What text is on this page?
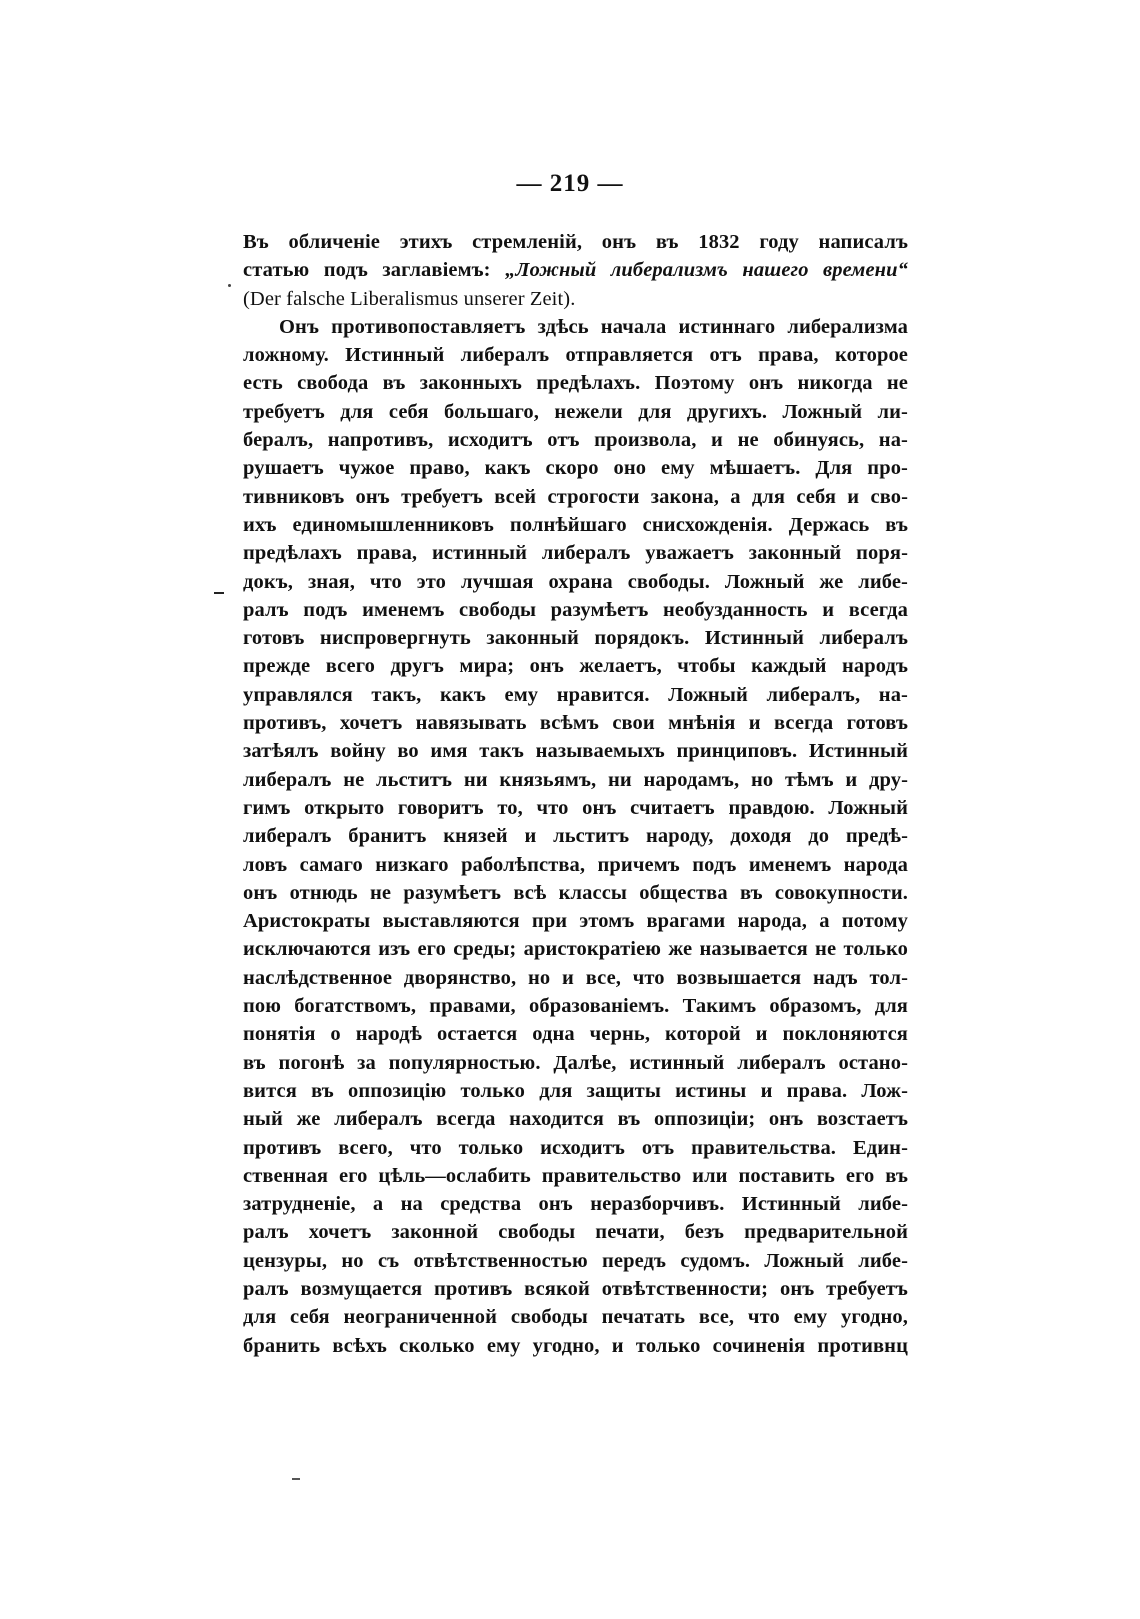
— 219 —
Въ обличеніе этихъ стремленій, онъ въ 1832 году написалъ
статью подъ заглавіемъ: „Ложный либерализмъ нашего времени“
(Der falsche Liberalismus unserer Zeit).
Онъ противопоставляетъ здѣсь начала истиннаго либерализма
ложному. Истинный либералъ отправляется отъ права, которое
есть свобода въ законныхъ предѣлахъ. Поэтому онъ никогда не
требуетъ для себя большаго, нежели для другихъ. Ложный ли-
бералъ, напротивъ, исходитъ отъ произвола, и не обинуясь, на-
рушаетъ чужое право, какъ скоро оно ему мѣшаетъ. Для про-
тивниковъ онъ требуетъ всей строгости закона, а для себя и сво-
ихъ единомышленниковъ полнѣйшаго снисхожденія. Держась въ
предѣлахъ права, истинный либералъ уважаетъ законный поря-
докъ, зная, что это лучшая охрана свободы. Ложный же либе-
ралъ подъ именемъ свободы разумѣетъ необузданность и всегда
готовъ ниспровергнуть законный порядокъ. Истинный либералъ
прежде всего другъ мира; онъ желаетъ, чтобы каждый народъ
управлялся такъ, какъ ему нравится. Ложный либералъ, на-
противъ, хочетъ навязывать всѣмъ свои мнѣнія и всегда готовъ
затѣялъ войну во имя такъ называемыхъ принциповъ. Истинный
либералъ не льститъ ни князьямъ, ни народамъ, но тѣмъ и дру-
гимъ открыто говоритъ то, что онъ считаетъ правдою. Ложный
либералъ бранитъ князей и льститъ народу, доходя до предѣ-
ловъ самаго низкаго раболѣпства, причемъ подъ именемъ народа
онъ отнюдь не разумѣетъ всѣ классы общества въ совокупности.
Аристократы выставляются при этомъ врагами народа, а потому
исключаются изъ его среды; аристократіею же называется не только
наслѣдственное дворянство, но и все, что возвышается надъ тол-
пою богатствомъ, правами, образованіемъ. Такимъ образомъ, для
понятія о народѣ остается одна чернь, которой и поклоняются
въ погонѣ за популярностью. Далѣе, истинный либералъ остано-
вится въ оппозицію только для защиты истины и права. Лож-
ный же либералъ всегда находится въ оппозиціи; онъ возстаетъ
противъ всего, что только исходитъ отъ правительства. Един-
ственная его цѣль—ослабить правительство или поставить его въ
затрудненіе, а на средства онъ неразборчивъ. Истинный либе-
ралъ хочетъ законной свободы печати, безъ предварительной
цензуры, но съ отвѣтственностью передъ судомъ. Ложный либе-
ралъ возмущается противъ всякой отвѣтственности; онъ требуетъ
для себя неограниченной свободы печатать все, что ему угодно,
бранить всѣхъ сколько ему угодно, и только сочиненія противнц
